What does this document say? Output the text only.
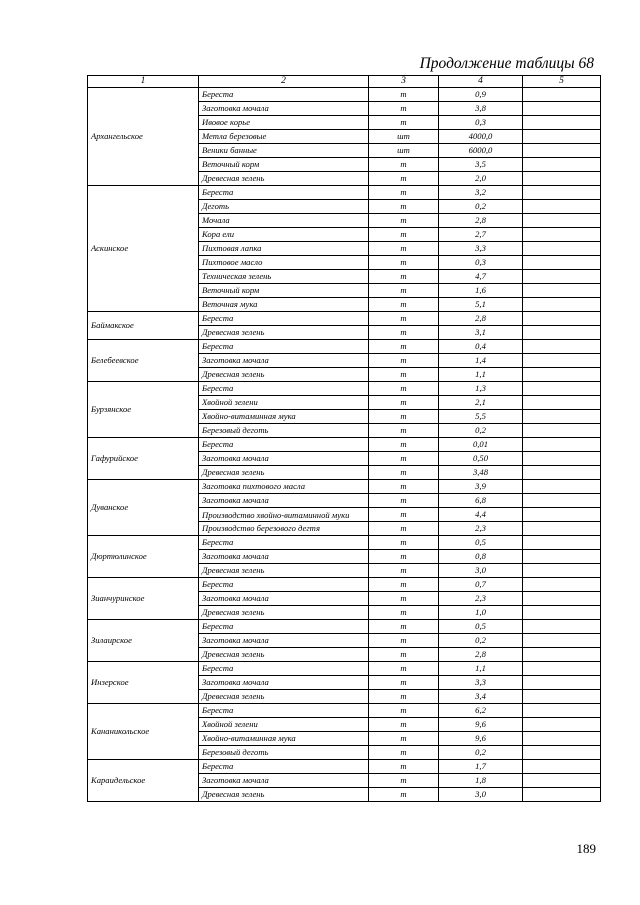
Продолжение таблицы 68
1	2	3	4	5
Архангельское	Береста	т	0,9	
	Заготовка мочала	т	3,8	
	Ивовое корье	т	0,3	
	Метла березовые	шт	4000,0	
	Веники банные	шт	6000,0	
	Веточный корм	т	3,5	
	Древесная зелень	т	2,0	
Аскинское	Береста	т	3,2	
	Деготь	т	0,2	
	Мочала	т	2,8	
	Кора ели	т	2,7	
	Пихтовая лапка	т	3,3	
	Пихтовое масло	т	0,3	
	Техническая зелень	т	4,7	
	Веточный корм	т	1,6	
	Веточная мука	т	5,1	
Баймакское	Береста	т	2,8	
	Древесная зелень	т	3,1	
Белебеевское	Береста	т	0,4	
	Заготовка мочала	т	1,4	
	Древесная зелень	т	1,1	
Бурзянское	Береста	т	1,3	
	Хвойной зелени	т	2,1	
	Хвойно-витаминная мука	т	5,5	
	Березовый деготь	т	0,2	
Гафурийское	Береста	т	0,01	
	Заготовка мочала	т	0,50	
	Древесная зелень	т	3,48	
Дуванское	Заготовка пихтового масла	т	3,9	
	Заготовка мочала	т	6,8	
	Производство хвойно-витаминной муки	т	4,4	
	Производство березового дегтя	т	2,3	
Дюртюлинское	Береста	т	0,5	
	Заготовка мочала	т	0,8	
	Древесная зелень	т	3,0	
Зианчуринское	Береста	т	0,7	
	Заготовка мочала	т	2,3	
	Древесная зелень	т	1,0	
Зилаирское	Береста	т	0,5	
	Заготовка мочала	т	0,2	
	Древесная зелень	т	2,8	
Инзерское	Береста	т	1,1	
	Заготовка мочала	т	3,3	
	Древесная зелень	т	3,4	
Кананикольское	Береста	т	6,2	
	Хвойной зелени	т	9,6	
	Хвойно-витаминная мука	т	9,6	
	Березовый деготь	т	0,2	
Караидельское	Береста	т	1,7	
	Заготовка мочала	т	1,8	
	Древесная зелень	т	3,0	
189
